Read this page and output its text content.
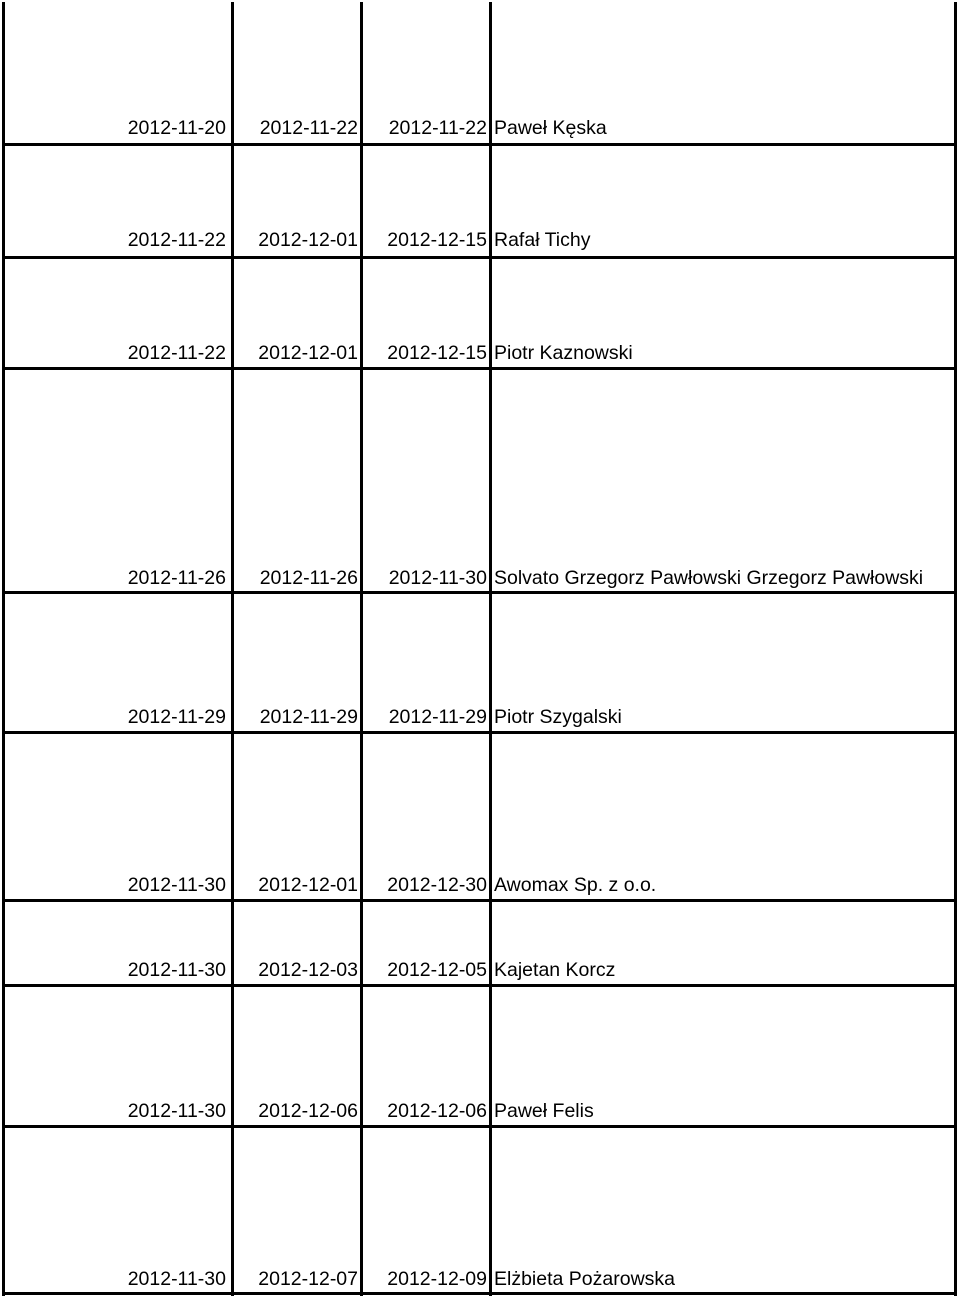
2012-11-20	2012-11-22	2012-11-22 Paweł Kęska
2012-11-22	2012-12-01	2012-12-15 Rafał Tichy
2012-11-22	2012-12-01	2012-12-15 Piotr Kaznowski
2012-11-26	2012-11-26	2012-11-30 Solvato Grzegorz Pawłowski Grzegorz Pawłowski
2012-11-29	2012-11-29	2012-11-29 Piotr Szygalski
2012-11-30	2012-12-01	2012-12-30 Awomax Sp. z o.o.
2012-11-30	2012-12-03	2012-12-05 Kajetan Korcz
2012-11-30	2012-12-06	2012-12-06 Paweł Felis
2012-11-30	2012-12-07	2012-12-09 Elżbieta Pożarowska
